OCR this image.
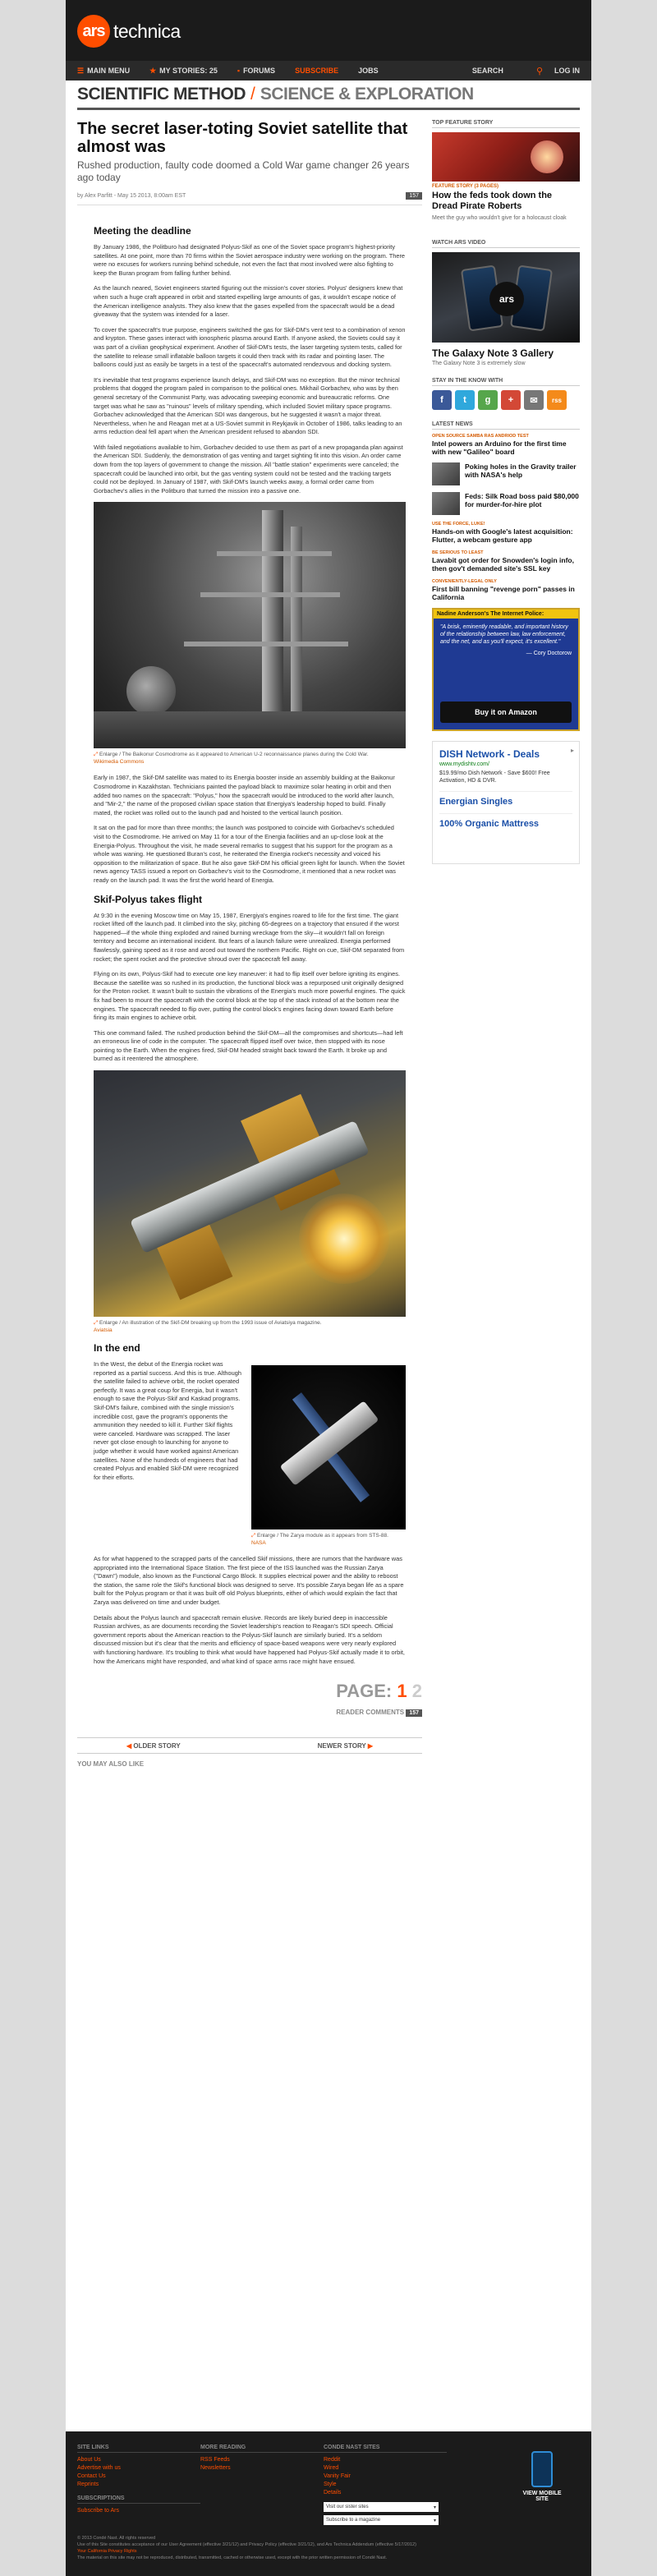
ars technica
☰ MAIN MENU	★ MY STORIES: 25	▪ FORUMS	SUBSCRIBE	JOBS	SEARCH	⚲ LOG IN
SCIENTIFIC METHOD / SCIENCE & EXPLORATION
The secret laser-toting Soviet satellite that almost was
Rushed production, faulty code doomed a Cold War game changer 26 years ago today
by Alex Parfitt - May 15 2013, 8:00am EST	157
Meeting the deadline

By January 1986, the Politburo had designated Polyus-Skif as one of the Soviet space program's highest-priority satellites. At one point, more than 70 firms within the Soviet aerospace industry were working on the program. There were no excuses for workers running behind schedule, not even the fact that most involved were also fighting to keep the Buran program from falling further behind.

As the launch neared, Soviet engineers started figuring out the mission's cover stories. Polyus' designers knew that when such a huge craft appeared in orbit and started expelling large amounts of gas, it wouldn't escape notice of the American intelligence analysts. They also knew that the gases expelled from the spacecraft would be a dead giveaway that the system was intended for a laser.

To cover the spacecraft's true purpose, engineers switched the gas for Skif-DM's vent test to a combination of xenon and krypton. These gases interact with ionospheric plasma around Earth. If anyone asked, the Soviets could say it was part of a civilian geophysical experiment. Another of Skif-DM's tests, the laser targeting system tests, called for the satellite to release small inflatable balloon targets it could then track with its radar and pointing laser. The balloons could just as easily be targets in a test of the spacecraft's automated rendezvous and docking system.

It's inevitable that test programs experience launch delays, and Skif-DM was no exception. But the minor technical problems that dogged the program paled in comparison to the political ones. Mikhail Gorbachev, who was by then general secretary of the Communist Party, was advocating sweeping economic and bureaucratic reforms. One target was what he saw as "ruinous" levels of military spending, which included Soviet military space programs. Gorbachev acknowledged that the American SDI was dangerous, but he suggested it wasn't a major threat. Nevertheless, when he and Reagan met at a US-Soviet summit in Reykjavik in October of 1986, talks leading to an arms reduction deal fell apart when the American president refused to abandon SDI.

With failed negotiations available to him, Gorbachev decided to use them as part of a new propaganda plan against the American SDI. Suddenly, the demonstration of gas venting and target sighting fit into this vision. An order came down from the top layers of government to change the mission. All "battle station" experiments were canceled; the spacecraft could be launched into orbit, but the gas venting system could not be tested and the tracking targets could not be deployed. In January of 1987, with Skif-DM's launch weeks away, a formal order came from Gorbachev's allies in the Politburo that turned the mission into a passive one.

⤢ Enlarge / The Baikonur Cosmodrome as it appeared to American U-2 reconnaissance planes during the Cold War.
Wikimedia Commons

Early in 1987, the Skif-DM satellite was mated to its Energia booster inside an assembly building at the Baikonur Cosmodrome in Kazakhstan. Technicians painted the payload black to maximize solar heating in orbit and then added two names on the spacecraft: "Polyus," how the spacecraft would be introduced to the world after launch, and "Mir-2," the name of the proposed civilian space station that Energiya's leadership hoped to build. Finally mated, the rocket was rolled out to the launch pad and hoisted to the vertical launch position.

It sat on the pad for more than three months; the launch was postponed to coincide with Gorbachev's scheduled visit to the Cosmodrome. He arrived on May 11 for a tour of the Energia facilities and an up-close look at the Energia-Polyus. Throughout the visit, he made several remarks to suggest that his support for the program as a whole was waning. He questioned Buran's cost, he reiterated the Energia rocket's necessity and voiced his opposition to the militarization of space. But he also gave Skif-DM his official green light for launch. When the Soviet news agency TASS issued a report on Gorbachev's visit to the Cosmodrome, it mentioned that a new rocket was ready on the launch pad. It was the first the world heard of Energia.

Skif-Polyus takes flight

At 9:30 in the evening Moscow time on May 15, 1987, Energiya's engines roared to life for the first time. The giant rocket lifted off the launch pad. It climbed into the sky, pitching 65-degrees on a trajectory that ensured if the worst happened—if the whole thing exploded and rained burning wreckage from the sky—it wouldn't fall on foreign territory and become an international incident. But fears of a launch failure were unrealized. Energia performed flawlessly, gaining speed as it rose and arced out toward the northern Pacific. Right on cue, Skif-DM separated from rocket; the spent rocket and the protective shroud over the spacecraft fell away.

Flying on its own, Polyus-Skif had to execute one key maneuver: it had to flip itself over before igniting its engines. Because the satellite was so rushed in its production, the functional block was a repurposed unit originally designed for the Proton rocket. It wasn't built to sustain the vibrations of the Energia's much more powerful engines. The quick fix had been to mount the spacecraft with the control block at the top of the stack instead of at the bottom near the engines. The spacecraft needed to flip over, putting the control block's engines facing down toward Earth before firing its main engines to achieve orbit.

This one command failed. The rushed production behind the Skif-DM—all the compromises and shortcuts—had left an erroneous line of code in the computer. The spacecraft flipped itself over twice, then stopped with its nose pointing to the Earth. When the engines fired, Skif-DM headed straight back toward the Earth. It broke up and burned as it reentered the atmosphere.

⤢ Enlarge / An illustration of the Skif-DM breaking up from the 1993 issue of Aviatsiya magazine.
Aviatsia
In the end

In the West, the debut of the Energia rocket was reported as a partial success. And this is true. Although the satellite failed to achieve orbit, the rocket operated perfectly. It was a great coup for Energia, but it wasn't enough to save the Polyus-Skif and Kaskad programs. Skif-DM's failure, combined with the single mission's incredible cost, gave the program's opponents the ammunition they needed to kill it. Further Skif flights were canceled. Hardware was scrapped. The laser never got close enough to launching for anyone to judge whether it would have worked against American satellites. None of the hundreds of engineers that had created Polyus and enabled Skif-DM were recognized for their efforts.

⤢ Enlarge / The Zarya module as it appears from STS-88.
NASA

As for what happened to the scrapped parts of the cancelled Skif missions, there are rumors that the hardware was appropriated into the International Space Station. The first piece of the ISS launched was the Russian Zarya ("Dawn") module, also known as the Functional Cargo Block. It supplies electrical power and the ability to reboost the station, the same role the Skif's functional block was designed to serve. It's possible Zarya began life as a spare built for the Polyus program or that it was built off old Polyus blueprints, either of which would explain the fact that Zarya was delivered on time and under budget.

Details about the Polyus launch and spacecraft remain elusive. Records are likely buried deep in inaccessible Russian archives, as are documents recording the Soviet leadership's reaction to Reagan's SDI speech. Official government reports about the American reaction to the Polyus-Skif launch are similarly buried. It's a seldom discussed mission but it's clear that the merits and efficiency of space-based weapons were very nearly explored with functioning hardware. It's troubling to think what would have happened had Polyus-Skif actually made it to orbit, how the Americans might have responded, and what kind of space arms race might have ensued.

PAGE: 1 2
READER COMMENTS 157
◀ OLDER STORY	NEWER STORY ▶
YOU MAY ALSO LIKE
TOP FEATURE STORY
FEATURE STORY (3 PAGES)
How the feds took down the Dread Pirate Roberts
Meet the guy who wouldn't give for a holocaust cloak
WATCH ARS VIDEO
ars
The Galaxy Note 3 Gallery
The Galaxy Note 3 is extremely slow
STAY IN THE KNOW WITH
f	t	g	+	✉	rss
LATEST NEWS
OPEN SOURCE SAMBA RAS ANDRIOD TEST
Intel powers an Arduino for the first time with new "Galileo" board
Poking holes in the Gravity trailer with NASA's help
Feds: Silk Road boss paid $80,000 for murder-for-hire plot
USE THE FORCE, LUKE!
Hands-on with Google's latest acquisition: Flutter, a webcam gesture app
BE SERIOUS TO LEAST
Lavabit got order for Snowden's login info, then gov't demanded site's SSL key
CONVENIENTLY-LEGAL ONLY
First bill banning "revenge porn" passes in California
Nadine Anderson's The Internet Police:
"A brisk, eminently readable, and important history of the relationship between law, law enforcement, and the net, and as you'll expect, it's excellent."
— Cory Doctorow
Buy it on Amazon
▸
DISH Network - Deals
www.mydishtv.com/
$19.99/mo Dish Network - Save $600! Free Activation, HD & DVR.
Energian Singles
100% Organic Mattress
SITE LINKS
About Us
Advertise with us
Contact Us
Reprints
SUBSCRIPTIONS
Subscribe to Ars
MORE READING
RSS Feeds
Newsletters
CONDE NAST SITES
Reddit
Wired
Vanity Fair
Style
Details
Visit our sister sites	▾
Subscribe to a magazine	▾
VIEW MOBILE SITE
© 2013 Condé Nast. All rights reserved
Use of this Site constitutes acceptance of our User Agreement (effective 3/21/12) and Privacy Policy (effective 3/21/12), and Ars Technica Addendum (effective 5/17/2012)
Your California Privacy Rights
The material on this site may not be reproduced, distributed, transmitted, cached or otherwise used, except with the prior written permission of Condé Nast.
